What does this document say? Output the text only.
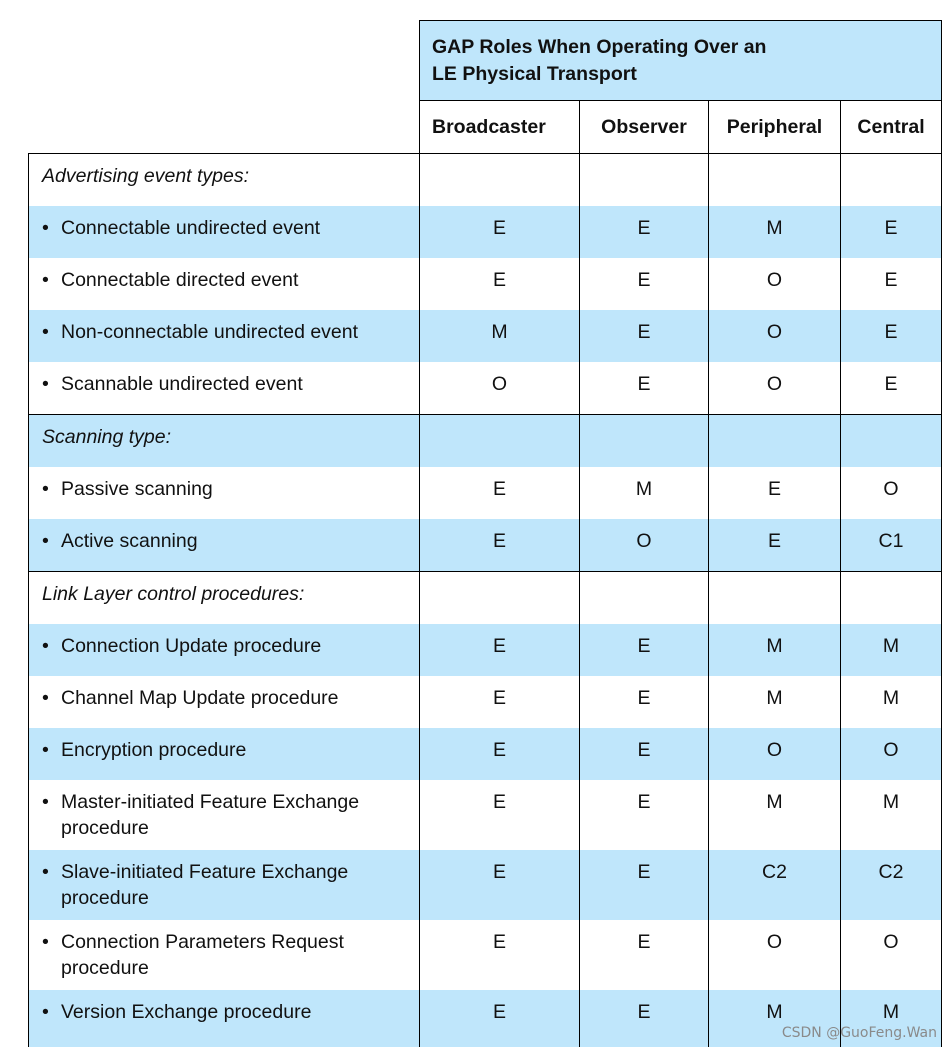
	GAP Roles When Operating Over an
LE Physical Transport			

	Broadcaster	Observer	Peripheral	Central

Advertising event types:				

• Connectable undirected event	E	E	M	E

• Connectable directed event	E	E	O	E

• Non-connectable undirected event	M	E	O	E

• Scannable undirected event	O	E	O	E

Scanning type:				

• Passive scanning	E	M	E	O

• Active scanning	E	O	E	C1

Link Layer control procedures:				

• Connection Update procedure	E	E	M	M

• Channel Map Update procedure	E	E	M	M

• Encryption procedure	E	E	O	O

• Master-initiated Feature Exchange procedure	E	E	M	M

• Slave-initiated Feature Exchange procedure	E	E	C2	C2

• Connection Parameters Request procedure	E	E	O	O

• Version Exchange procedure	E	E	M	M
CSDN @GuoFeng.Wan
